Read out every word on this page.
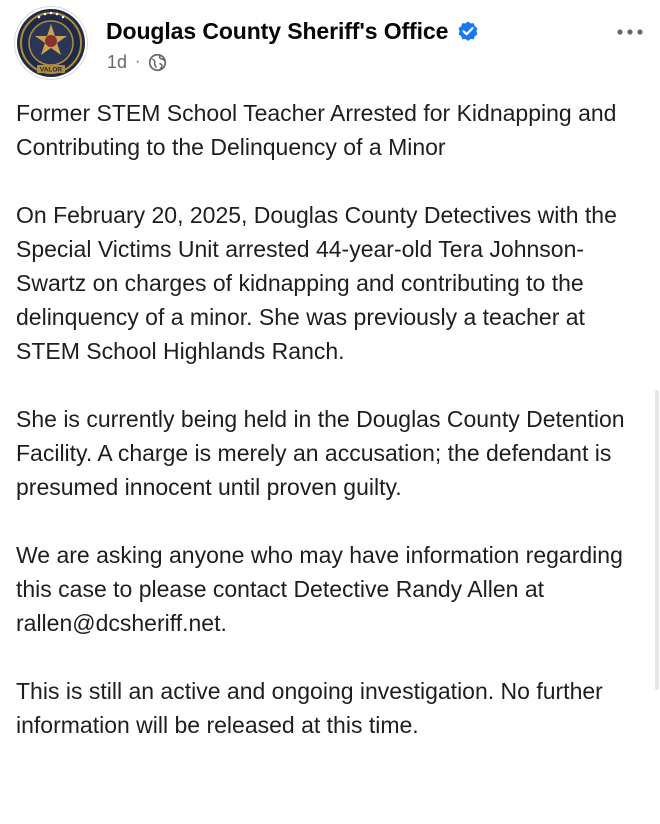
VALOR
Douglas County Sheriff's Office
1d ·

Former STEM School Teacher Arrested for Kidnapping and Contributing to the Delinquency of a Minor

On February 20, 2025, Douglas County Detectives with the Special Victims Unit arrested 44-year-old Tera Johnson-Swartz on charges of kidnapping and contributing to the delinquency of a minor. She was previously a teacher at STEM School Highlands Ranch.

She is currently being held in the Douglas County Detention Facility. A charge is merely an accusation; the defendant is presumed innocent until proven guilty.

We are asking anyone who may have information regarding this case to please contact Detective Randy Allen at rallen@dcsheriff.net.

This is still an active and ongoing investigation. No further information will be released at this time.
